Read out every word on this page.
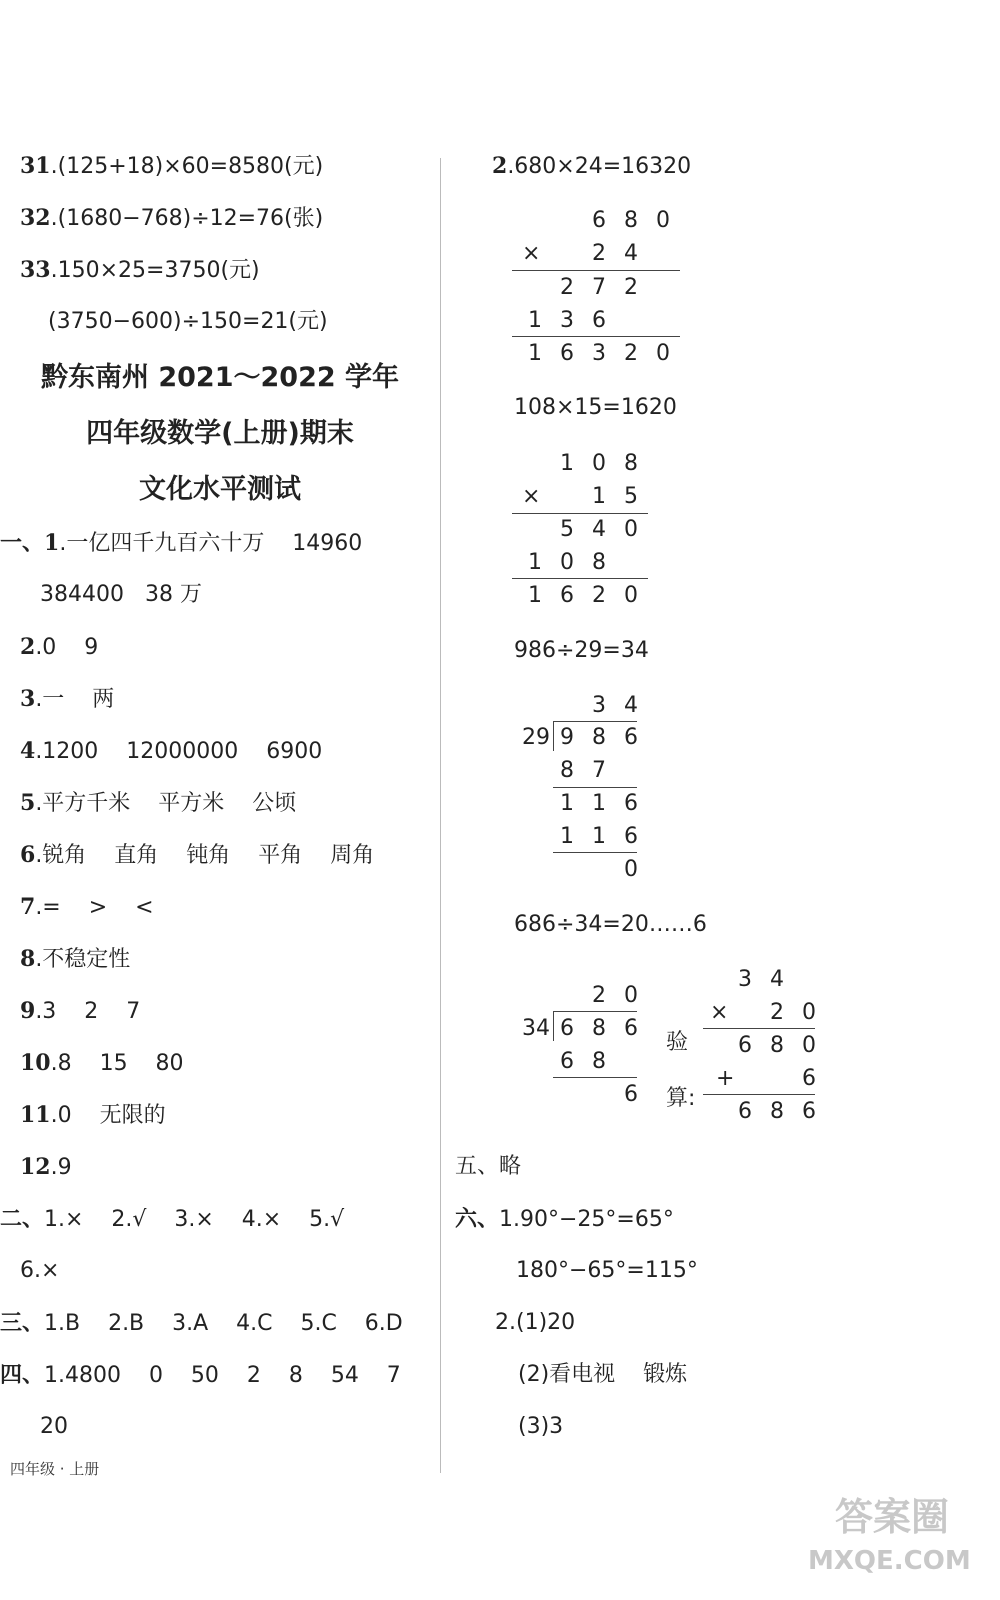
31.(125+18)×60=8580(元)
32.(1680−768)÷12=76(张)
33.150×25=3750(元)
(3750−600)÷150=21(元)
黔东南州 2021～2022 学年
四年级数学(上册)期末
文化水平测试
一、1.一亿四千九百六十万    14960
384400   38 万
2.0    9
3.一    两
4.1200    12000000    6900
5.平方千米    平方米    公顷
6.锐角    直角    钝角    平角    周角
7.=    >    <
8.不稳定性
9.3    2    7
10.8    15    80
11.0    无限的
12.9
二、1.×    2.√    3.×    4.×    5.√
6.×
三、1.B    2.B    3.A    4.C    5.C    6.D
四、1.4800    0    50    2    8    54    7
20
四年级 · 上册
2.680×24=16320
6 8 0
× 2 4
2 7 2
1 3 6
1 6 3 2 0
108×15=1620
1 0 8
× 1 5
5 4 0
1 0 8
1 6 2 0
986÷29=34
3 4
29 9 8 6
8 7
1 1 6
1 1 6
0
686÷34=20……6
2 0
34 6 8 6
6 8
6
验
算:
3 4
× 2 0
6 8 0
+	6
6 8 6
五、略
六、1.90°−25°=65°
180°−65°=115°
2.(1)20
(2)看电视    锻炼
(3)3
答案圈
MXQE.COM
